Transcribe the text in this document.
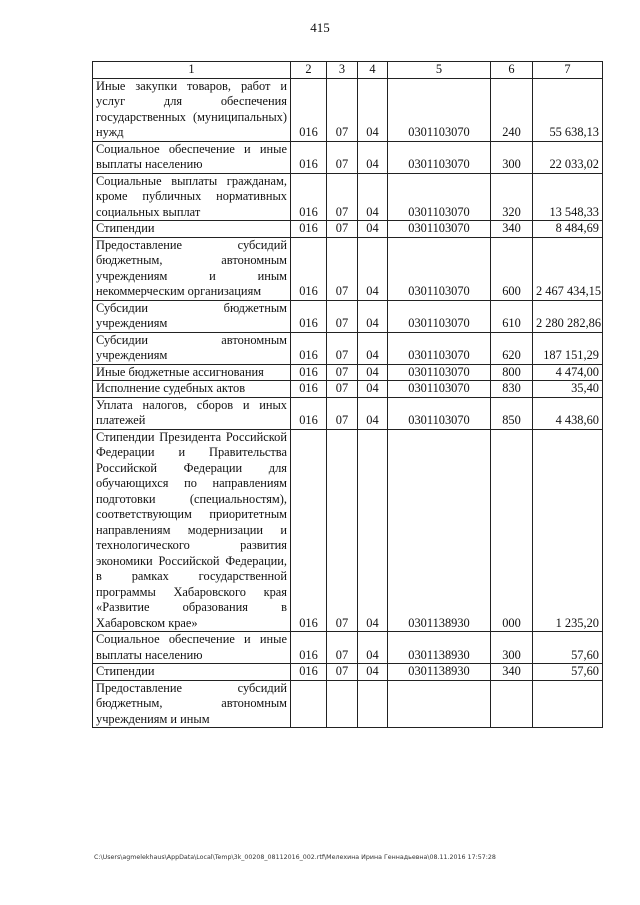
415
1	2	3	4	5	6	7
Иные закупки товаров, работ и услуг для обеспечения государственных (муниципальных) нужд	016	07	04	0301103070	240	55 638,13
Социальное обеспечение и иные выплаты населению	016	07	04	0301103070	300	22 033,02
Социальные выплаты гражданам, кроме публичных нормативных социальных выплат	016	07	04	0301103070	320	13 548,33
Стипендии	016	07	04	0301103070	340	8 484,69
Предоставление субсидий бюджетным, автономным учреждениям и иным некоммерческим организациям	016	07	04	0301103070	600	2 467 434,15
Субсидии бюджетным учреждениям	016	07	04	0301103070	610	2 280 282,86
Субсидии автономным учреждениям	016	07	04	0301103070	620	187 151,29
Иные бюджетные ассигнования	016	07	04	0301103070	800	4 474,00
Исполнение судебных актов	016	07	04	0301103070	830	35,40
Уплата налогов, сборов и иных платежей	016	07	04	0301103070	850	4 438,60
Стипендии Президента Российской Федерации и Правительства Российской Федерации для обучающихся по направлениям подготовки (специальностям), соответствующим приоритетным направлениям модернизации и технологического развития экономики Российской Федерации, в рамках государственной программы Хабаровского края «Развитие образования в Хабаровском крае»	016	07	04	0301138930	000	1 235,20
Социальное обеспечение и иные выплаты населению	016	07	04	0301138930	300	57,60
Стипендии	016	07	04	0301138930	340	57,60
Предоставление субсидий бюджетным, автономным учреждениям и иным						
C:\Users\agmelekhaus\AppData\Local\Temp\3k_00208_08112016_002.rtf\Мелехина Ирина Геннадьевна\08.11.2016 17:57:28
